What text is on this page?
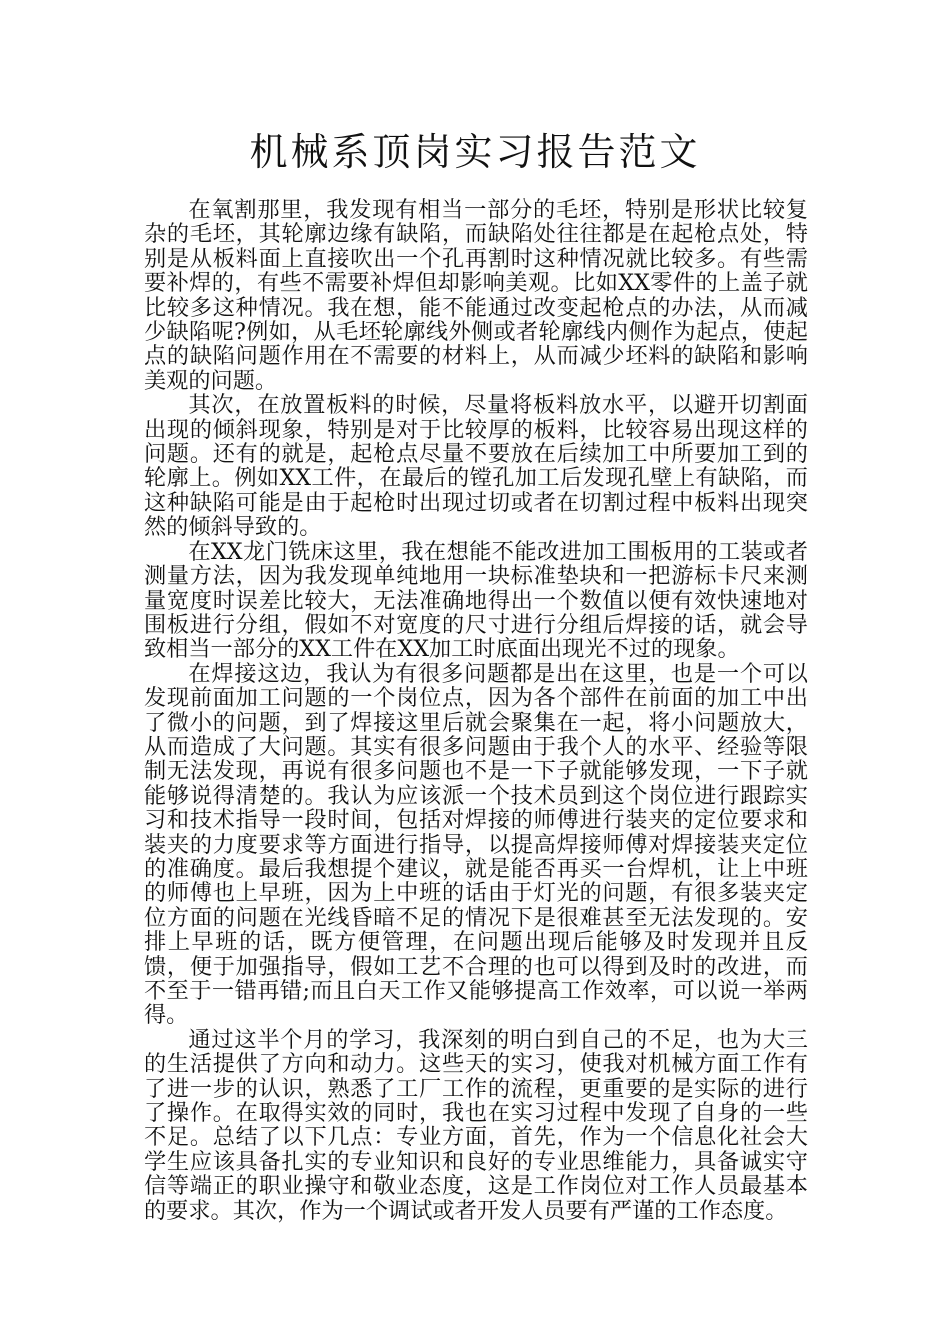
机械系顶岗实习报告范文

在氧割那里，我发现有相当一部分的毛坯，特别是形状比较复杂的毛坯，其轮廓边缘有缺陷，而缺陷处往往都是在起枪点处，特别是从板料面上直接吹出一个孔再割时这种情况就比较多。有些需要补焊的，有些不需要补焊但却影响美观。比如XX零件的上盖子就比较多这种情况。我在想，能不能通过改变起枪点的办法，从而减少缺陷呢?例如，从毛坯轮廓线外侧或者轮廓线内侧作为起点，使起点的缺陷问题作用在不需要的材料上，从而减少坯料的缺陷和影响美观的问题。

其次，在放置板料的时候，尽量将板料放水平，以避开切割面出现的倾斜现象，特别是对于比较厚的板料，比较容易出现这样的问题。还有的就是，起枪点尽量不要放在后续加工中所要加工到的轮廓上。例如XX工件，在最后的镗孔加工后发现孔壁上有缺陷，而这种缺陷可能是由于起枪时出现过切或者在切割过程中板料出现突然的倾斜导致的。

在XX龙门铣床这里，我在想能不能改进加工围板用的工装或者测量方法，因为我发现单纯地用一块标准垫块和一把游标卡尺来测量宽度时误差比较大，无法准确地得出一个数值以便有效快速地对围板进行分组，假如不对宽度的尺寸进行分组后焊接的话，就会导致相当一部分的XX工件在XX加工时底面出现光不过的现象。

在焊接这边，我认为有很多问题都是出在这里，也是一个可以发现前面加工问题的一个岗位点，因为各个部件在前面的加工中出了微小的问题，到了焊接这里后就会聚集在一起，将小问题放大，从而造成了大问题。其实有很多问题由于我个人的水平、经验等限制无法发现，再说有很多问题也不是一下子就能够发现，一下子就能够说得清楚的。我认为应该派一个技术员到这个岗位进行跟踪实习和技术指导一段时间，包括对焊接的师傅进行装夹的定位要求和装夹的力度要求等方面进行指导，以提高焊接师傅对焊接装夹定位的准确度。最后我想提个建议，就是能否再买一台焊机，让上中班的师傅也上早班，因为上中班的话由于灯光的问题，有很多装夹定位方面的问题在光线昏暗不足的情况下是很难甚至无法发现的。安排上早班的话，既方便管理，在问题出现后能够及时发现并且反馈，便于加强指导，假如工艺不合理的也可以得到及时的改进，而不至于一错再错;而且白天工作又能够提高工作效率，可以说一举两得。

通过这半个月的学习，我深刻的明白到自己的不足，也为大三的生活提供了方向和动力。这些天的实习，使我对机械方面工作有了进一步的认识，熟悉了工厂工作的流程，更重要的是实际的进行了操作。在取得实效的同时，我也在实习过程中发现了自身的一些不足。总结了以下几点：专业方面，首先，作为一个信息化社会大学生应该具备扎实的专业知识和良好的专业思维能力，具备诚实守信等端正的职业操守和敬业态度，这是工作岗位对工作人员最基本的要求。其次，作为一个调试或者开发人员要有严谨的工作态度。
